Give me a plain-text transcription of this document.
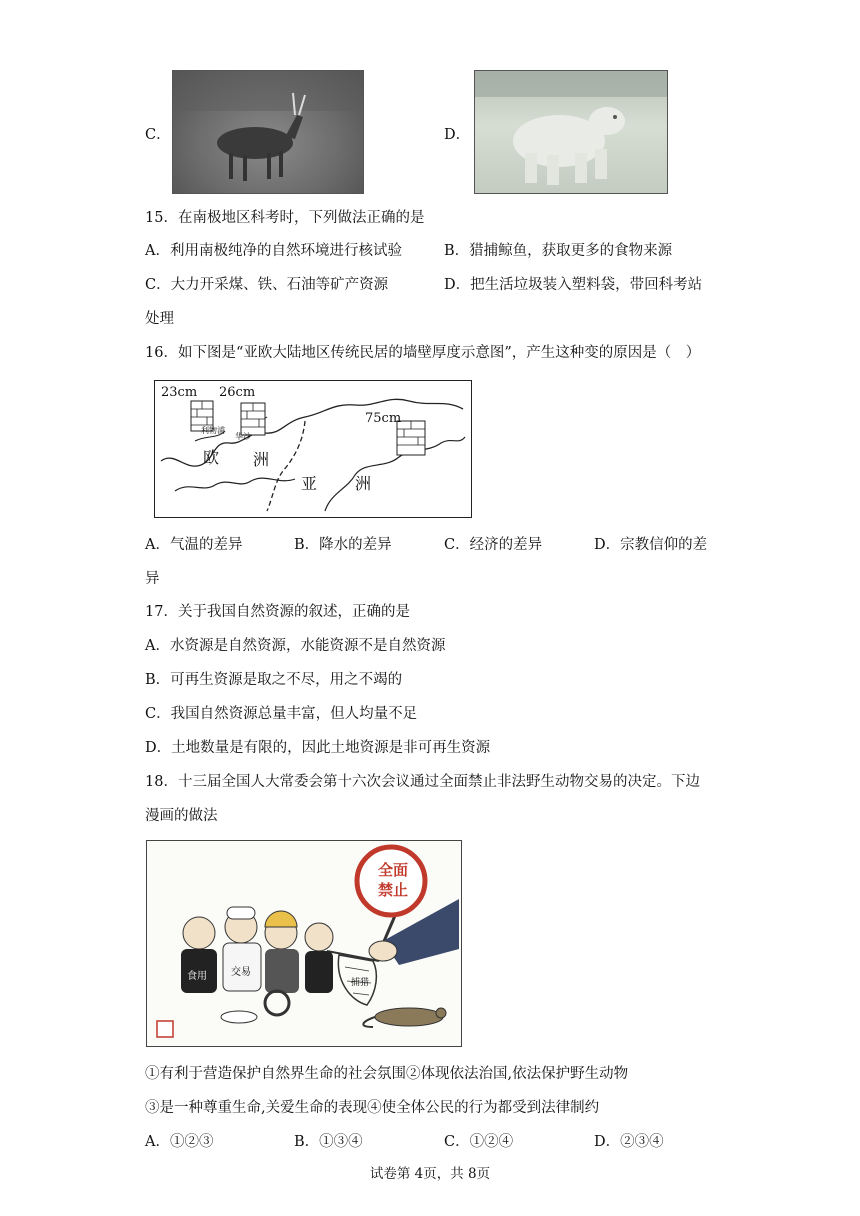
C．	D．
15．在南极地区科考时，下列做法正确的是
A．利用南极纯净的自然环境进行核试验	B．猎捕鲸鱼，获取更多的食物来源
C．大力开采煤、铁、石油等矿产资源	D．把生活垃圾装入塑料袋，带回科考站
处理
16．如下图是“亚欧大陆地区传统民居的墙壁厚度示意图”，产生这种变的原因是（　）
23cm 26cm
75cm
利物浦
华沙
欧 洲
亚 洲
A．气温的差异	B．降水的差异	C．经济的差异	D．宗教信仰的差
异
17．关于我国自然资源的叙述，正确的是
A．水资源是自然资源，水能资源不是自然资源
B．可再生资源是取之不尽，用之不竭的
C．我国自然资源总量丰富，但人均量不足
D．土地数量是有限的，因此土地资源是非可再生资源
18．十三届全国人大常委会第十六次会议通过全面禁止非法野生动物交易的决定。下边
漫画的做法
全面
禁止
食用 交易
捕猎
①有利于营造保护自然界生命的社会氛围②体现依法治国,依法保护野生动物
③是一种尊重生命,关爱生命的表现④使全体公民的行为都受到法律制约
A．①②③	B．①③④	C．①②④	D．②③④
试卷第 4页，共 8页
